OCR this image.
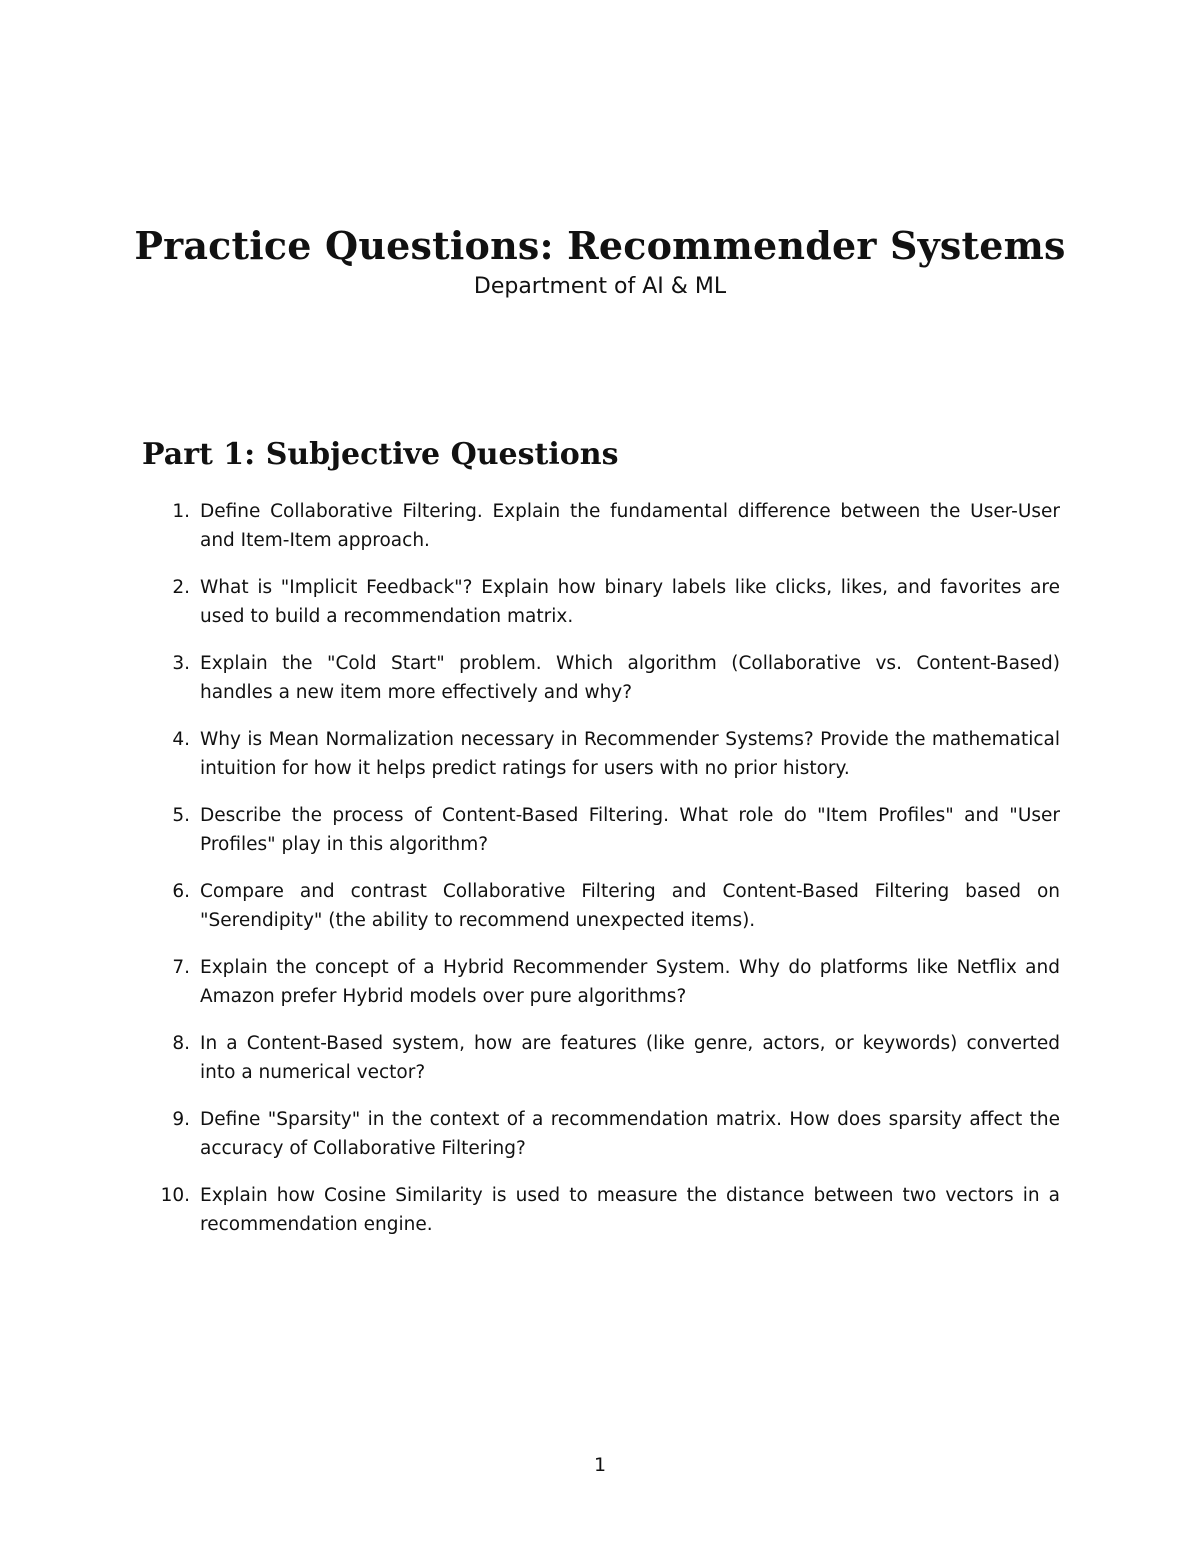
Practice Questions: Recommender Systems
Department of AI & ML
Part 1: Subjective Questions
1. Define Collaborative Filtering. Explain the fundamental difference between the User-User and Item-Item approach.
2. What is "Implicit Feedback"? Explain how binary labels like clicks, likes, and favorites are used to build a recommendation matrix.
3. Explain the "Cold Start" problem. Which algorithm (Collaborative vs. Content-Based) handles a new item more effectively and why?
4. Why is Mean Normalization necessary in Recommender Systems? Provide the mathematical intuition for how it helps predict ratings for users with no prior history.
5. Describe the process of Content-Based Filtering. What role do "Item Profiles" and "User Profiles" play in this algorithm?
6. Compare and contrast Collaborative Filtering and Content-Based Filtering based on "Serendipity" (the ability to recommend unexpected items).
7. Explain the concept of a Hybrid Recommender System. Why do platforms like Netflix and Amazon prefer Hybrid models over pure algorithms?
8. In a Content-Based system, how are features (like genre, actors, or keywords) converted into a numerical vector?
9. Define "Sparsity" in the context of a recommendation matrix. How does sparsity affect the accuracy of Collaborative Filtering?
10. Explain how Cosine Similarity is used to measure the distance between two vectors in a recommendation engine.
1
